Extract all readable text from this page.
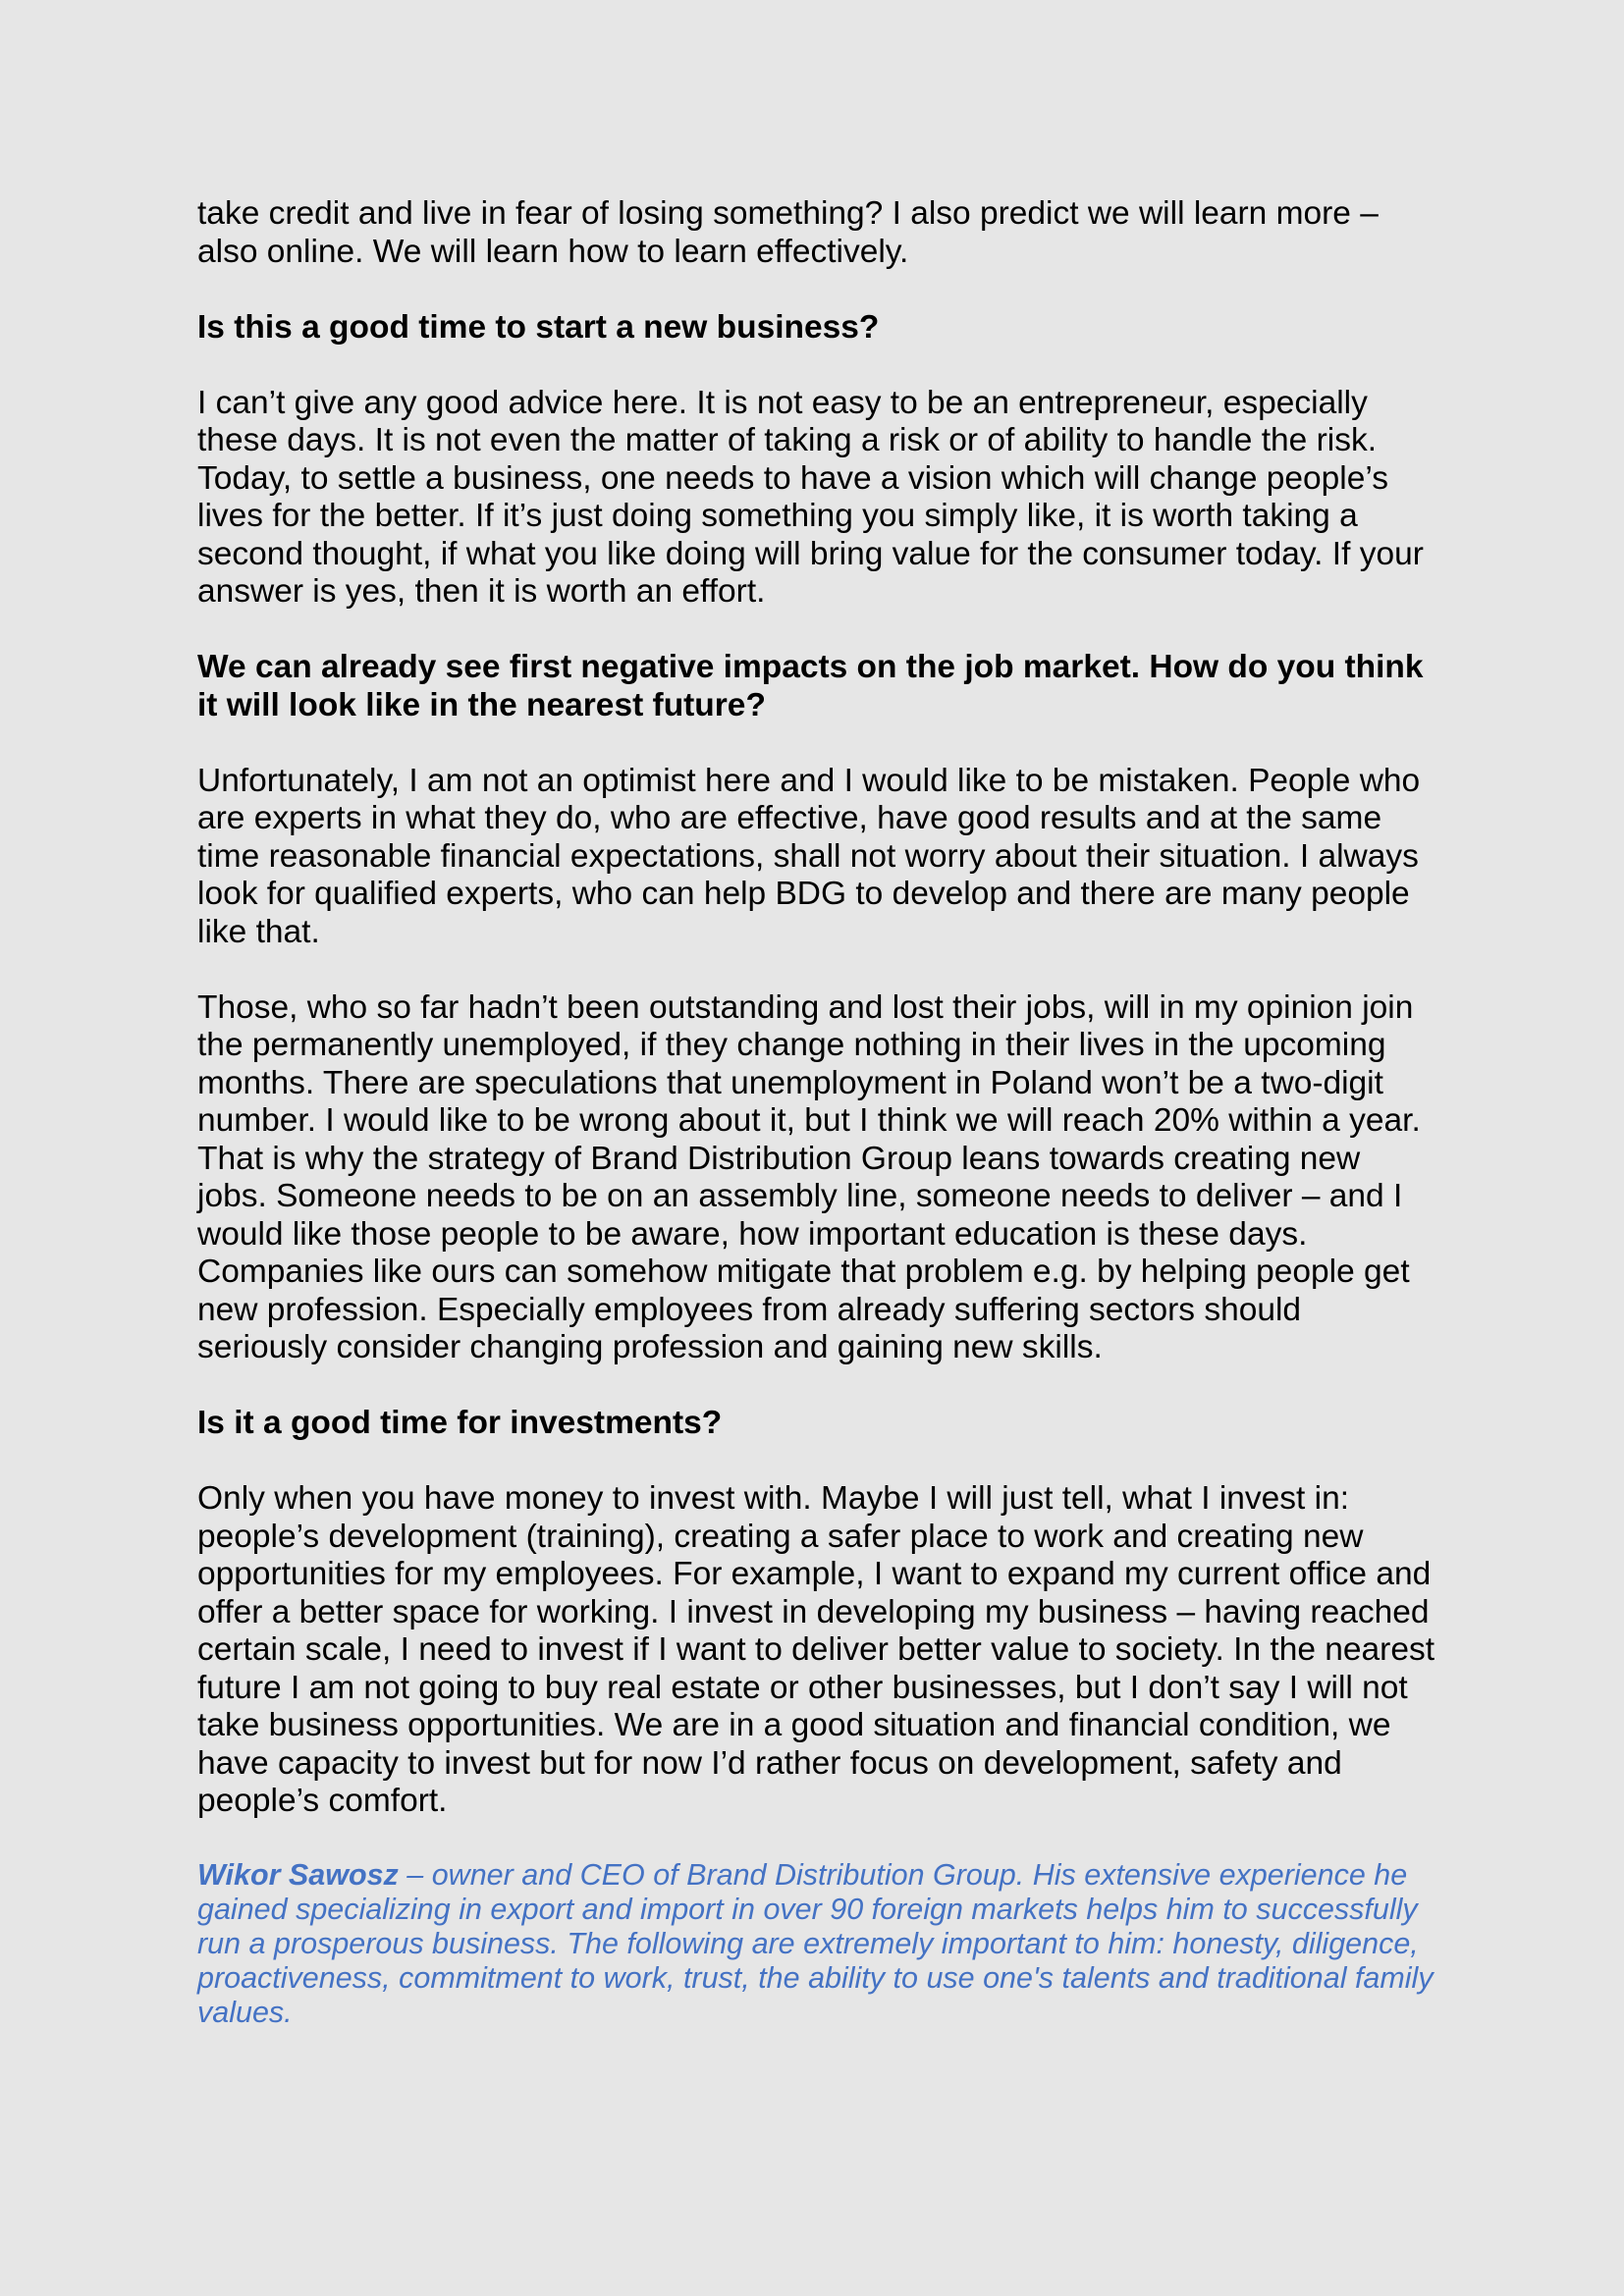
take credit and live in fear of losing something? I also predict we will learn more – also online. We will learn how to learn effectively.

Is this a good time to start a new business?

I can’t give any good advice here. It is not easy to be an entrepreneur, especially these days. It is not even the matter of taking a risk or of ability to handle the risk. Today, to settle a business, one needs to have a vision which will change people’s lives for the better. If it’s just doing something you simply like, it is worth taking a second thought, if what you like doing will bring value for the consumer today. If your answer is yes, then it is worth an effort.

We can already see first negative impacts on the job market. How do you think it will look like in the nearest future?

Unfortunately, I am not an optimist here and I would like to be mistaken. People who are experts in what they do, who are effective, have good results and at the same time reasonable financial expectations, shall not worry about their situation. I always look for qualified experts, who can help BDG to develop and there are many people like that.

Those, who so far hadn’t been outstanding and lost their jobs, will in my opinion join the permanently unemployed, if they change nothing in their lives in the upcoming months. There are speculations that unemployment in Poland won’t be a two-digit number. I would like to be wrong about it, but I think we will reach 20% within a year. That is why the strategy of Brand Distribution Group leans towards creating new jobs. Someone needs to be on an assembly line, someone needs to deliver – and I would like those people to be aware, how important education is these days. Companies like ours can somehow mitigate that problem e.g. by helping people get new profession. Especially employees from already suffering sectors should seriously consider changing profession and gaining new skills.

Is it a good time for investments?

Only when you have money to invest with. Maybe I will just tell, what I invest in: people’s development (training), creating a safer place to work and creating new opportunities for my employees. For example, I want to expand my current office and offer a better space for working. I invest in developing my business – having reached certain scale, I need to invest if I want to deliver better value to society. In the nearest future I am not going to buy real estate or other businesses, but I don’t say I will not take business opportunities. We are in a good situation and financial condition, we have capacity to invest but for now I’d rather focus on development, safety and people’s comfort.

Wikor Sawosz – owner and CEO of Brand Distribution Group. His extensive experience he gained specializing in export and import in over 90 foreign markets helps him to successfully run a prosperous business. The following are extremely important to him: honesty, diligence, proactiveness, commitment to work, trust, the ability to use one's talents and traditional family values.
